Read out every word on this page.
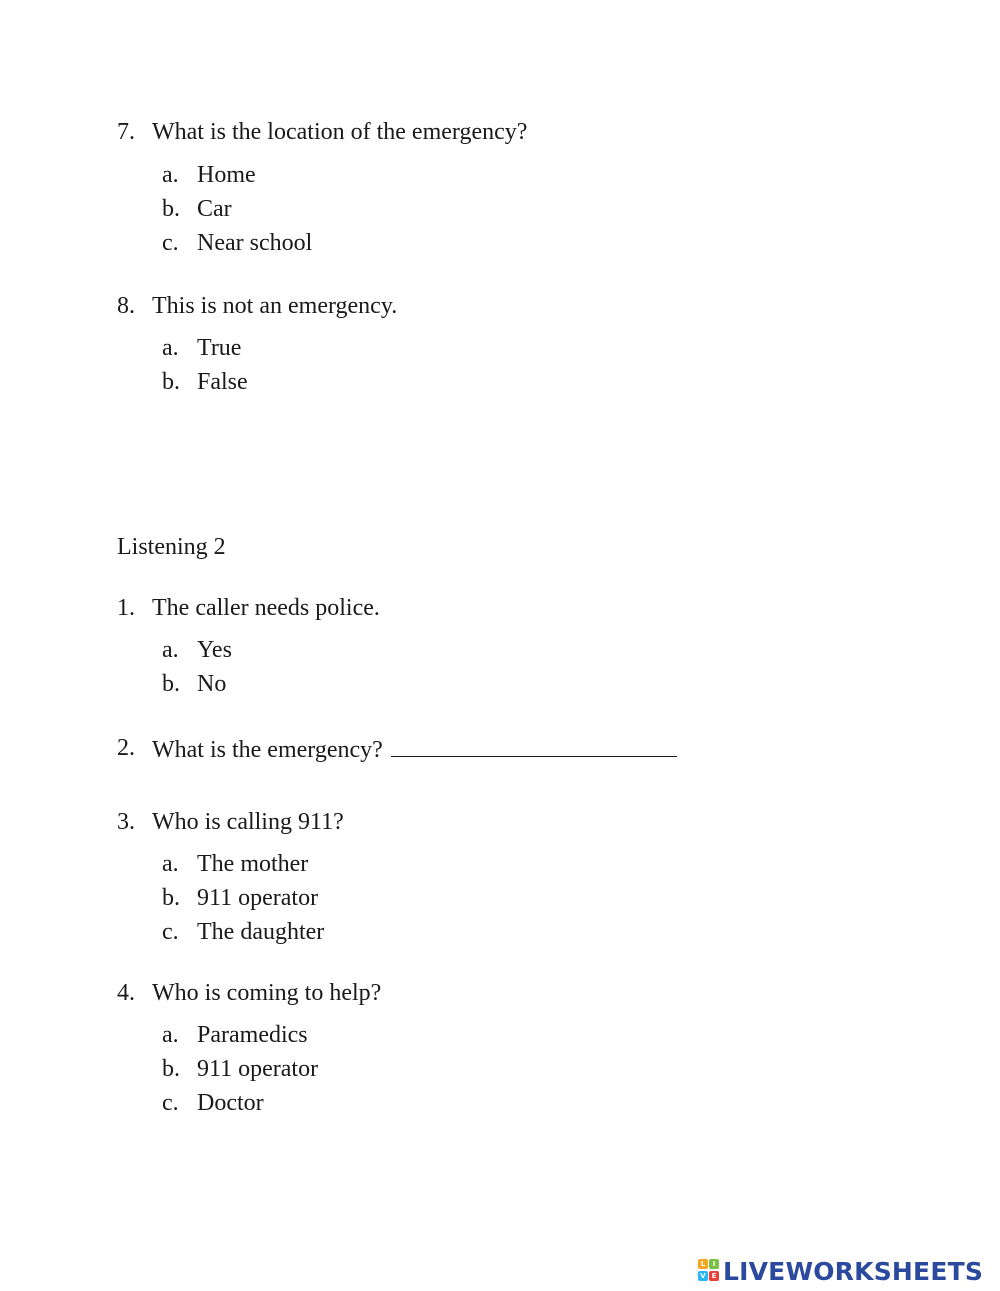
7. What is the location of the emergency?
a. Home
b. Car
c. Near school
8. This is not an emergency.
a. True
b. False
Listening 2
1. The caller needs police.
a. Yes
b. No
2. What is the emergency?
3. Who is calling 911?
a. The mother
b. 911 operator
c. The daughter
4. Who is coming to help?
a. Paramedics
b. 911 operator
c. Doctor
L	I
V E LIVEWORKSHEETS
